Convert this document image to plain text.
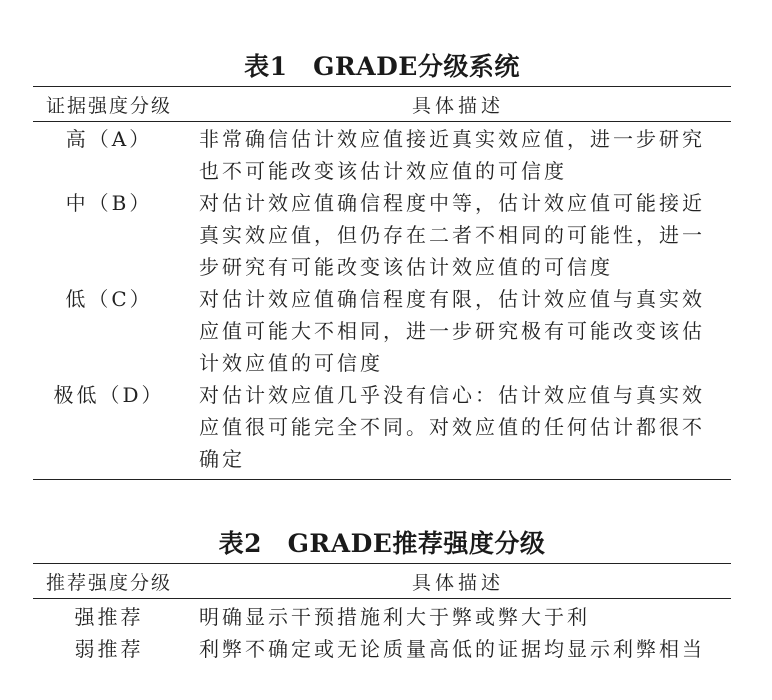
表1　GRADE分级系统
证据强度分级	具体描述
高（A）	非常确信估计效应值接近真实效应值，进一步研究
也不可能改变该估计效应值的可信度
中（B）	对估计效应值确信程度中等，估计效应值可能接近
真实效应值，但仍存在二者不相同的可能性，进一
步研究有可能改变该估计效应值的可信度
低（C）	对估计效应值确信程度有限，估计效应值与真实效
应值可能大不相同，进一步研究极有可能改变该估
计效应值的可信度
极低（D）	对估计效应值几乎没有信心：估计效应值与真实效
应值很可能完全不同。对效应值的任何估计都很不
确定
表2　GRADE推荐强度分级
推荐强度分级	具体描述
强推荐	明确显示干预措施利大于弊或弊大于利
弱推荐	利弊不确定或无论质量高低的证据均显示利弊相当
